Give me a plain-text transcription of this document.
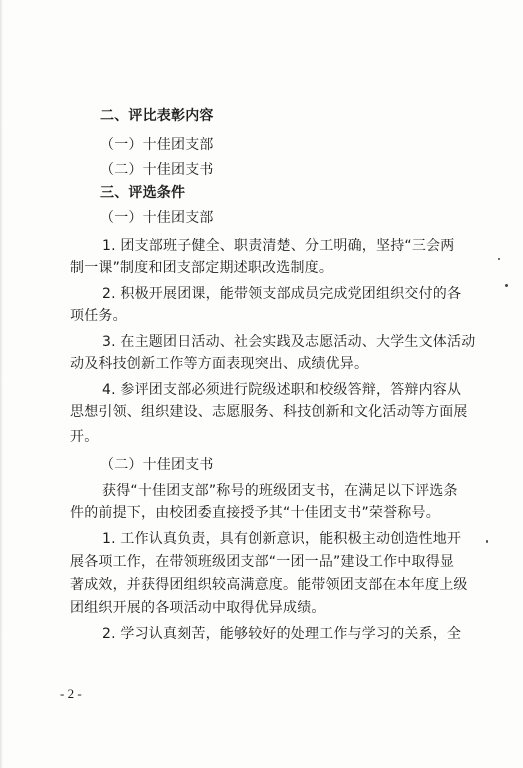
二、评比表彰内容
（一）十佳团支部
（二）十佳团支书
三、评选条件
（一）十佳团支部
1. 团支部班子健全、职责清楚、分工明确，坚持“三会两
制一课”制度和团支部定期述职改选制度。
2. 积极开展团课，能带领支部成员完成党团组织交付的各
项任务。
3. 在主题团日活动、社会实践及志愿活动、大学生文体活动
动及科技创新工作等方面表现突出、成绩优异。
4. 参评团支部必须进行院级述职和校级答辩，答辩内容从
思想引领、组织建设、志愿服务、科技创新和文化活动等方面展
开。
（二）十佳团支书
获得“十佳团支部”称号的班级团支书，在满足以下评选条
件的前提下，由校团委直接授予其“十佳团支书”荣誉称号。
1. 工作认真负责，具有创新意识，能积极主动创造性地开
展各项工作，在带领班级团支部“一团一品”建设工作中取得显
著成效，并获得团组织较高满意度。能带领团支部在本年度上级
团组织开展的各项活动中取得优异成绩。
2. 学习认真刻苦，能够较好的处理工作与学习的关系，全
- 2 -
